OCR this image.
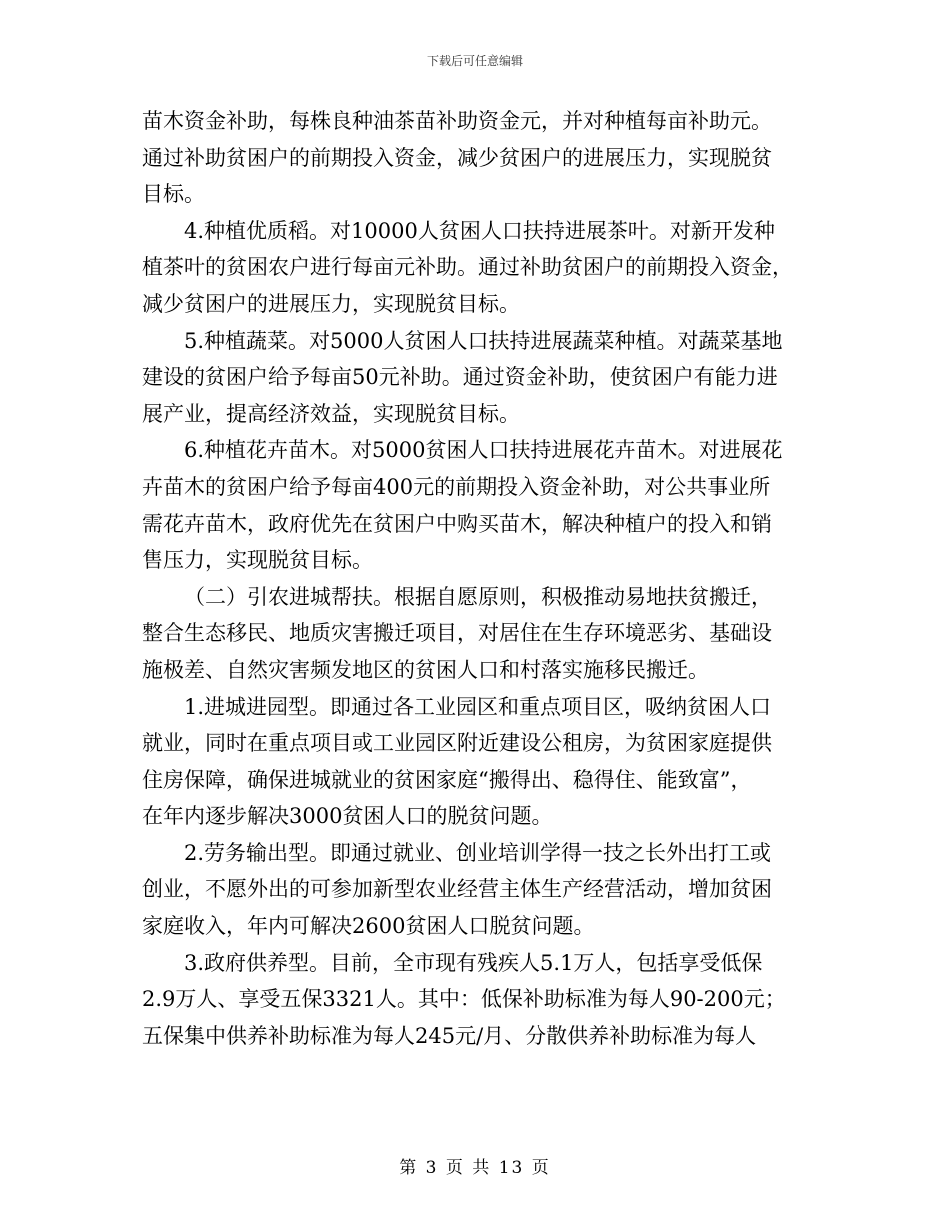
下载后可任意编辑
苗木资金补助，每株良种油茶苗补助资金元，并对种植每亩补助元。
通过补助贫困户的前期投入资金，减少贫困户的进展压力，实现脱贫
目标。
4.种植优质稻。对10000人贫困人口扶持进展茶叶。对新开发种
植茶叶的贫困农户进行每亩元补助。通过补助贫困户的前期投入资金，
减少贫困户的进展压力，实现脱贫目标。
5.种植蔬菜。对5000人贫困人口扶持进展蔬菜种植。对蔬菜基地
建设的贫困户给予每亩50元补助。通过资金补助，使贫困户有能力进
展产业，提高经济效益，实现脱贫目标。
6.种植花卉苗木。对5000贫困人口扶持进展花卉苗木。对进展花
卉苗木的贫困户给予每亩400元的前期投入资金补助，对公共事业所
需花卉苗木，政府优先在贫困户中购买苗木，解决种植户的投入和销
售压力，实现脱贫目标。
（二）引农进城帮扶。根据自愿原则，积极推动易地扶贫搬迁，
整合生态移民、地质灾害搬迁项目，对居住在生存环境恶劣、基础设
施极差、自然灾害频发地区的贫困人口和村落实施移民搬迁。
1.进城进园型。即通过各工业园区和重点项目区，吸纳贫困人口
就业，同时在重点项目或工业园区附近建设公租房，为贫困家庭提供
住房保障，确保进城就业的贫困家庭“搬得出、稳得住、能致富”，
在年内逐步解决3000贫困人口的脱贫问题。
2.劳务输出型。即通过就业、创业培训学得一技之长外出打工或
创业，不愿外出的可参加新型农业经营主体生产经营活动，增加贫困
家庭收入，年内可解决2600贫困人口脱贫问题。
3.政府供养型。目前，全市现有残疾人5.1万人，包括享受低保
2.9万人、享受五保3321人。其中：低保补助标准为每人90-200元；
五保集中供养补助标准为每人245元/月、分散供养补助标准为每人
第 3 页 共 13 页
